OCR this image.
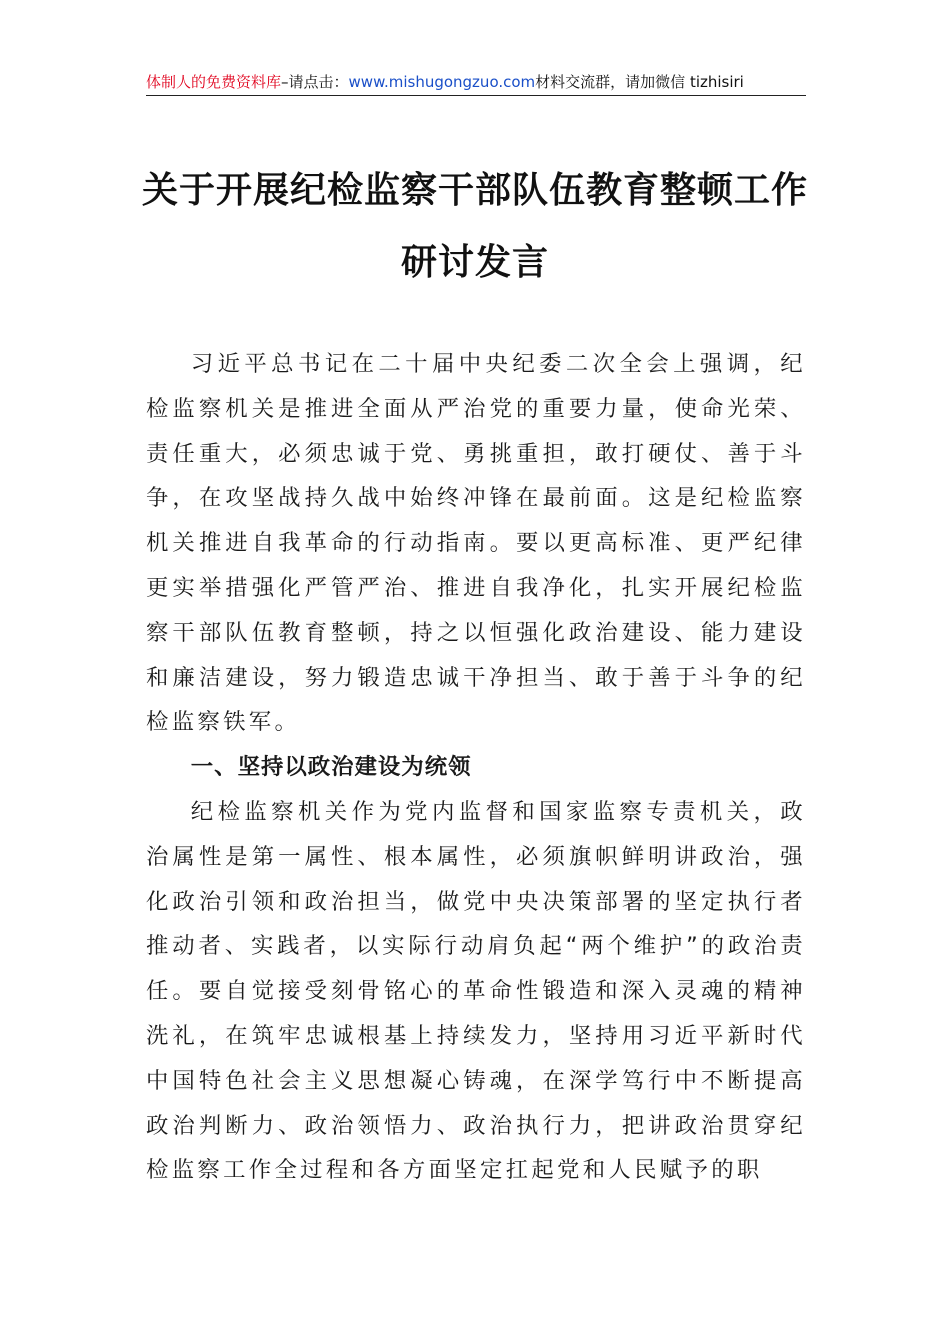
体制人的免费资料库–请点击：www.mishugongzuo.com材料交流群，请加微信 tizhisiri
关于开展纪检监察干部队伍教育整顿工作
研讨发言

习近平总书记在二十届中央纪委二次全会上强调，纪检监察机关是推进全面从严治党的重要力量，使命光荣、责任重大，必须忠诚于党、勇挑重担，敢打硬仗、善于斗争，在攻坚战持久战中始终冲锋在最前面。这是纪检监察机关推进自我革命的行动指南。要以更高标准、更严纪律更实举措强化严管严治、推进自我净化，扎实开展纪检监察干部队伍教育整顿，持之以恒强化政治建设、能力建设和廉洁建设，努力锻造忠诚干净担当、敢于善于斗争的纪检监察铁军。

一、坚持以政治建设为统领

纪检监察机关作为党内监督和国家监察专责机关，政治属性是第一属性、根本属性，必须旗帜鲜明讲政治，强化政治引领和政治担当，做党中央决策部署的坚定执行者推动者、实践者，以实际行动肩负起“两个维护”的政治责任。要自觉接受刻骨铭心的革命性锻造和深入灵魂的精神洗礼，在筑牢忠诚根基上持续发力，坚持用习近平新时代中国特色社会主义思想凝心铸魂，在深学笃行中不断提高政治判断力、政治领悟力、政治执行力，把讲政治贯穿纪检监察工作全过程和各方面坚定扛起党和人民赋予的职
